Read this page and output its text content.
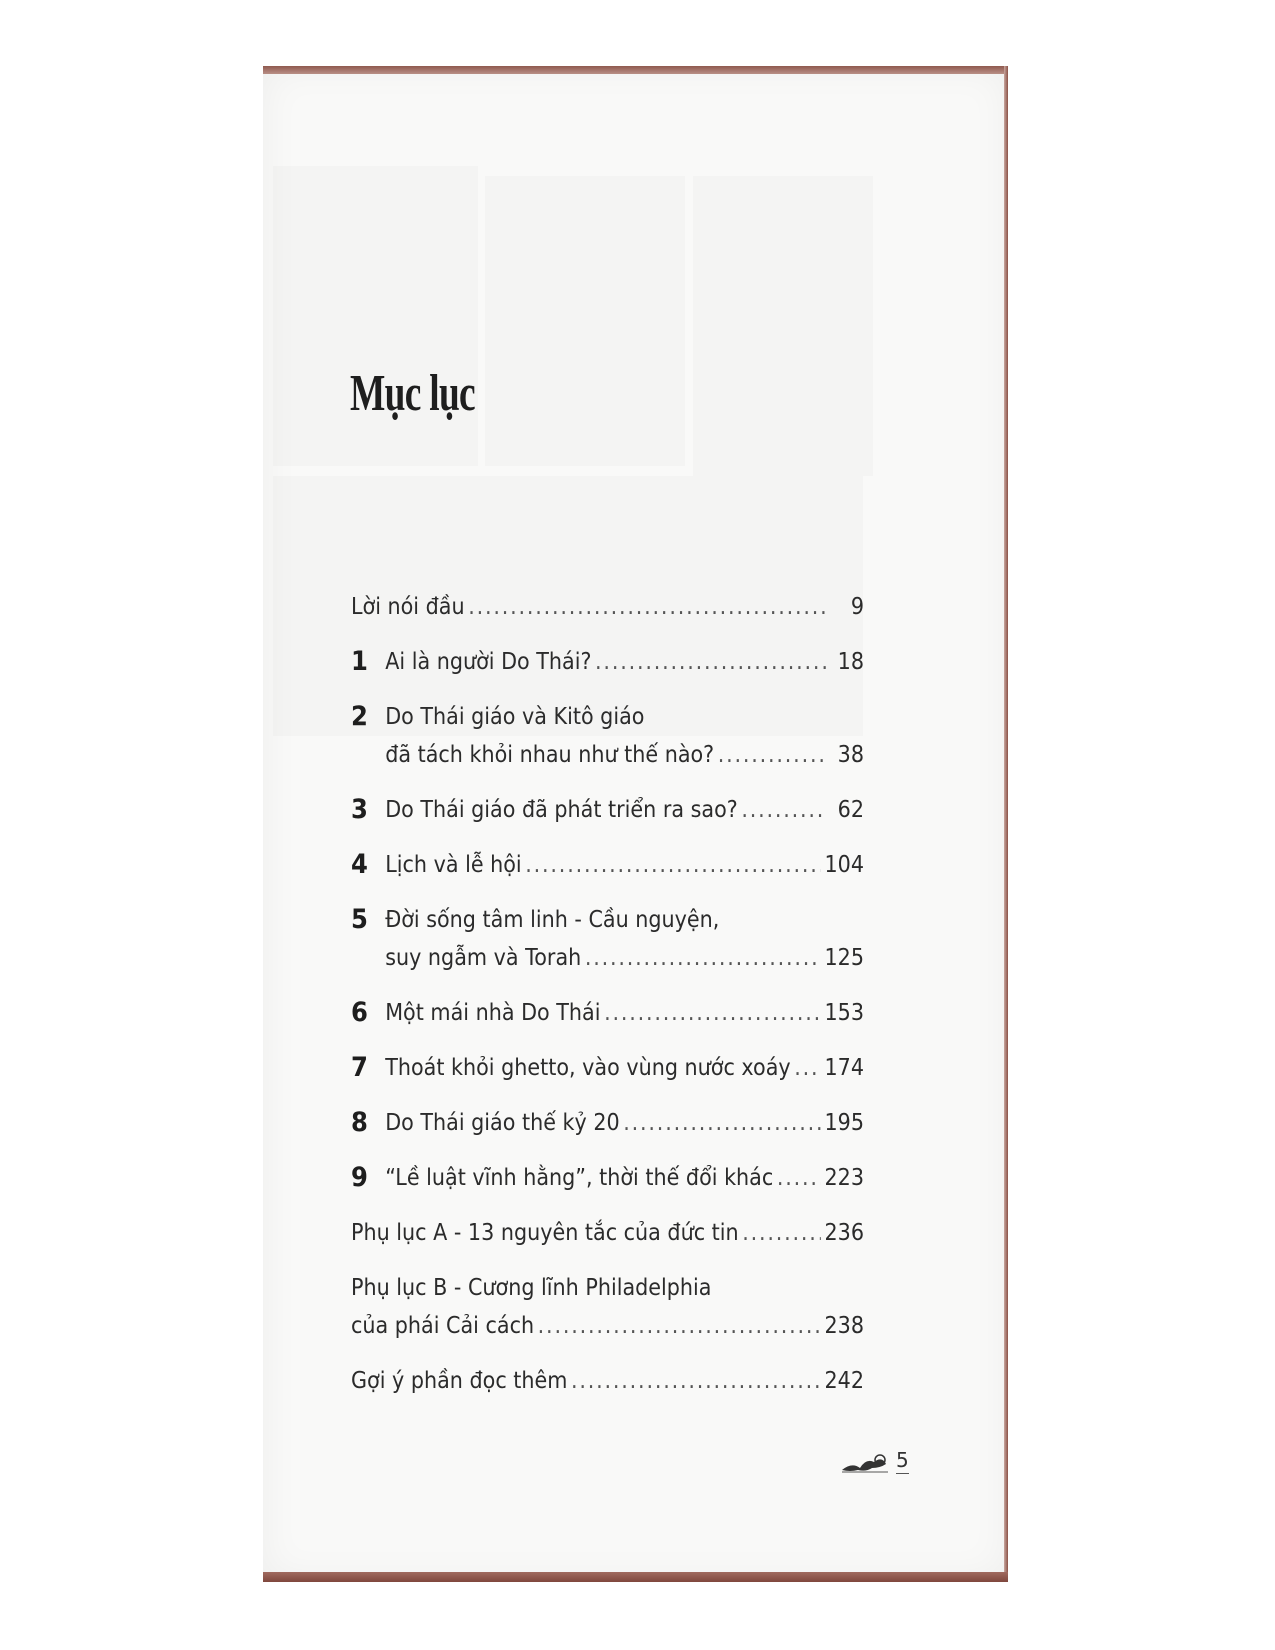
Mục lục
Lời nói đầu .....	9
1 Ai là người Do Thái? .....	18
2 Do Thái giáo và Kitô giáo
đã tách khỏi nhau như thế nào? .....	38
3 Do Thái giáo đã phát triển ra sao? .....	62
4 Lịch và lễ hội .....	104
5 Đời sống tâm linh - Cầu nguyện,
suy ngẫm và Torah .....	125
6 Một mái nhà Do Thái .....	153
7 Thoát khỏi ghetto, vào vùng nước xoáy ..... 174
8 Do Thái giáo thế kỷ 20 .....	195
9 “Lề luật vĩnh hằng”, thời thế đổi khác ..... 223
Phụ lục A - 13 nguyên tắc của đức tin .....	236
Phụ lục B - Cương lĩnh Philadelphia
của phái Cải cách .....	238
Gợi ý phần đọc thêm .....	242
5
